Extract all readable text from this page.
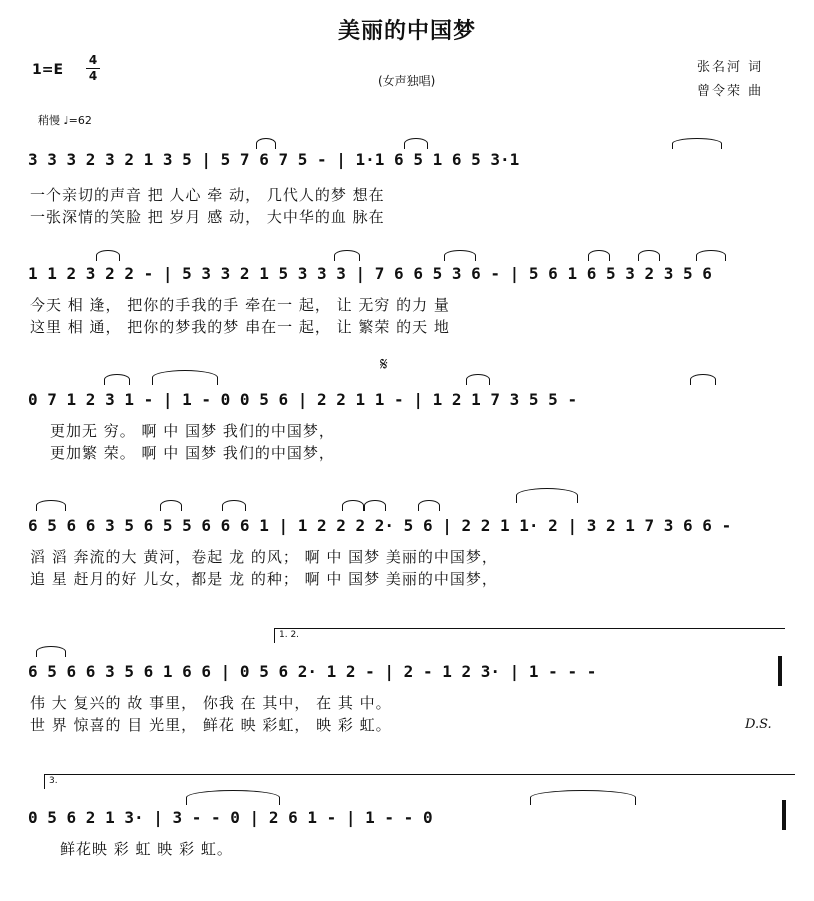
美丽的中国梦
1=E
4
4	(女声独唱)
张名河 词
曾令荣 曲
稍慢 ♩=62
3 3 3 2 3 2 1 3 5 | 5 7 6 7 5 - | 1·1 6 5 1 6 5 3·1
一个亲切的声音 把 人心 牵 动， 几代人的梦 想在
一张深情的笑脸 把 岁月 感 动， 大中华的血 脉在
1 1 2 3 2 2 - | 5 3 3 2 1 5 3 3 3 | 7 6 6 5 3 6 - | 5 6 1 6 5 3 2 3 5 6
今天 相 逢， 把你的手我的手 牵在一 起， 让 无穷 的力 量
这里 相 通， 把你的梦我的梦 串在一 起， 让 繁荣 的天 地
𝄋
0 7 1 2 3 1 - | 1 - 0 0 5 6 | 2 2 1 1 - | 1 2 1 7 3 5 5 -
更加无 穷。 啊 中 国梦 我们的中国梦，
更加繁 荣。 啊 中 国梦 我们的中国梦，
6 5 6 6 3 5 6 5 5 6 6 6 1 | 1 2 2 2 2· 5 6 | 2 2 1 1· 2 | 3 2 1 7 3 6 6 -
滔 滔 奔流的大 黄河，卷起 龙 的风； 啊 中 国梦 美丽的中国梦，
追 星 赶月的好 儿女，都是 龙 的种； 啊 中 国梦 美丽的中国梦，
1. 2.
6 5 6 6 3 5 6 1 6 6 | 0 5 6 2· 1 2 - | 2 - 1 2 3· | 1 - - -
伟 大 复兴的 故 事里， 你我 在 其中， 在 其 中。
世 界 惊喜的 目 光里， 鲜花 映 彩虹， 映 彩 虹。	D.S.
3.
0 5 6 2 1 3· | 3 - - 0 | 2 6 1 - | 1 - - 0
鲜花映 彩 虹 映 彩 虹。
